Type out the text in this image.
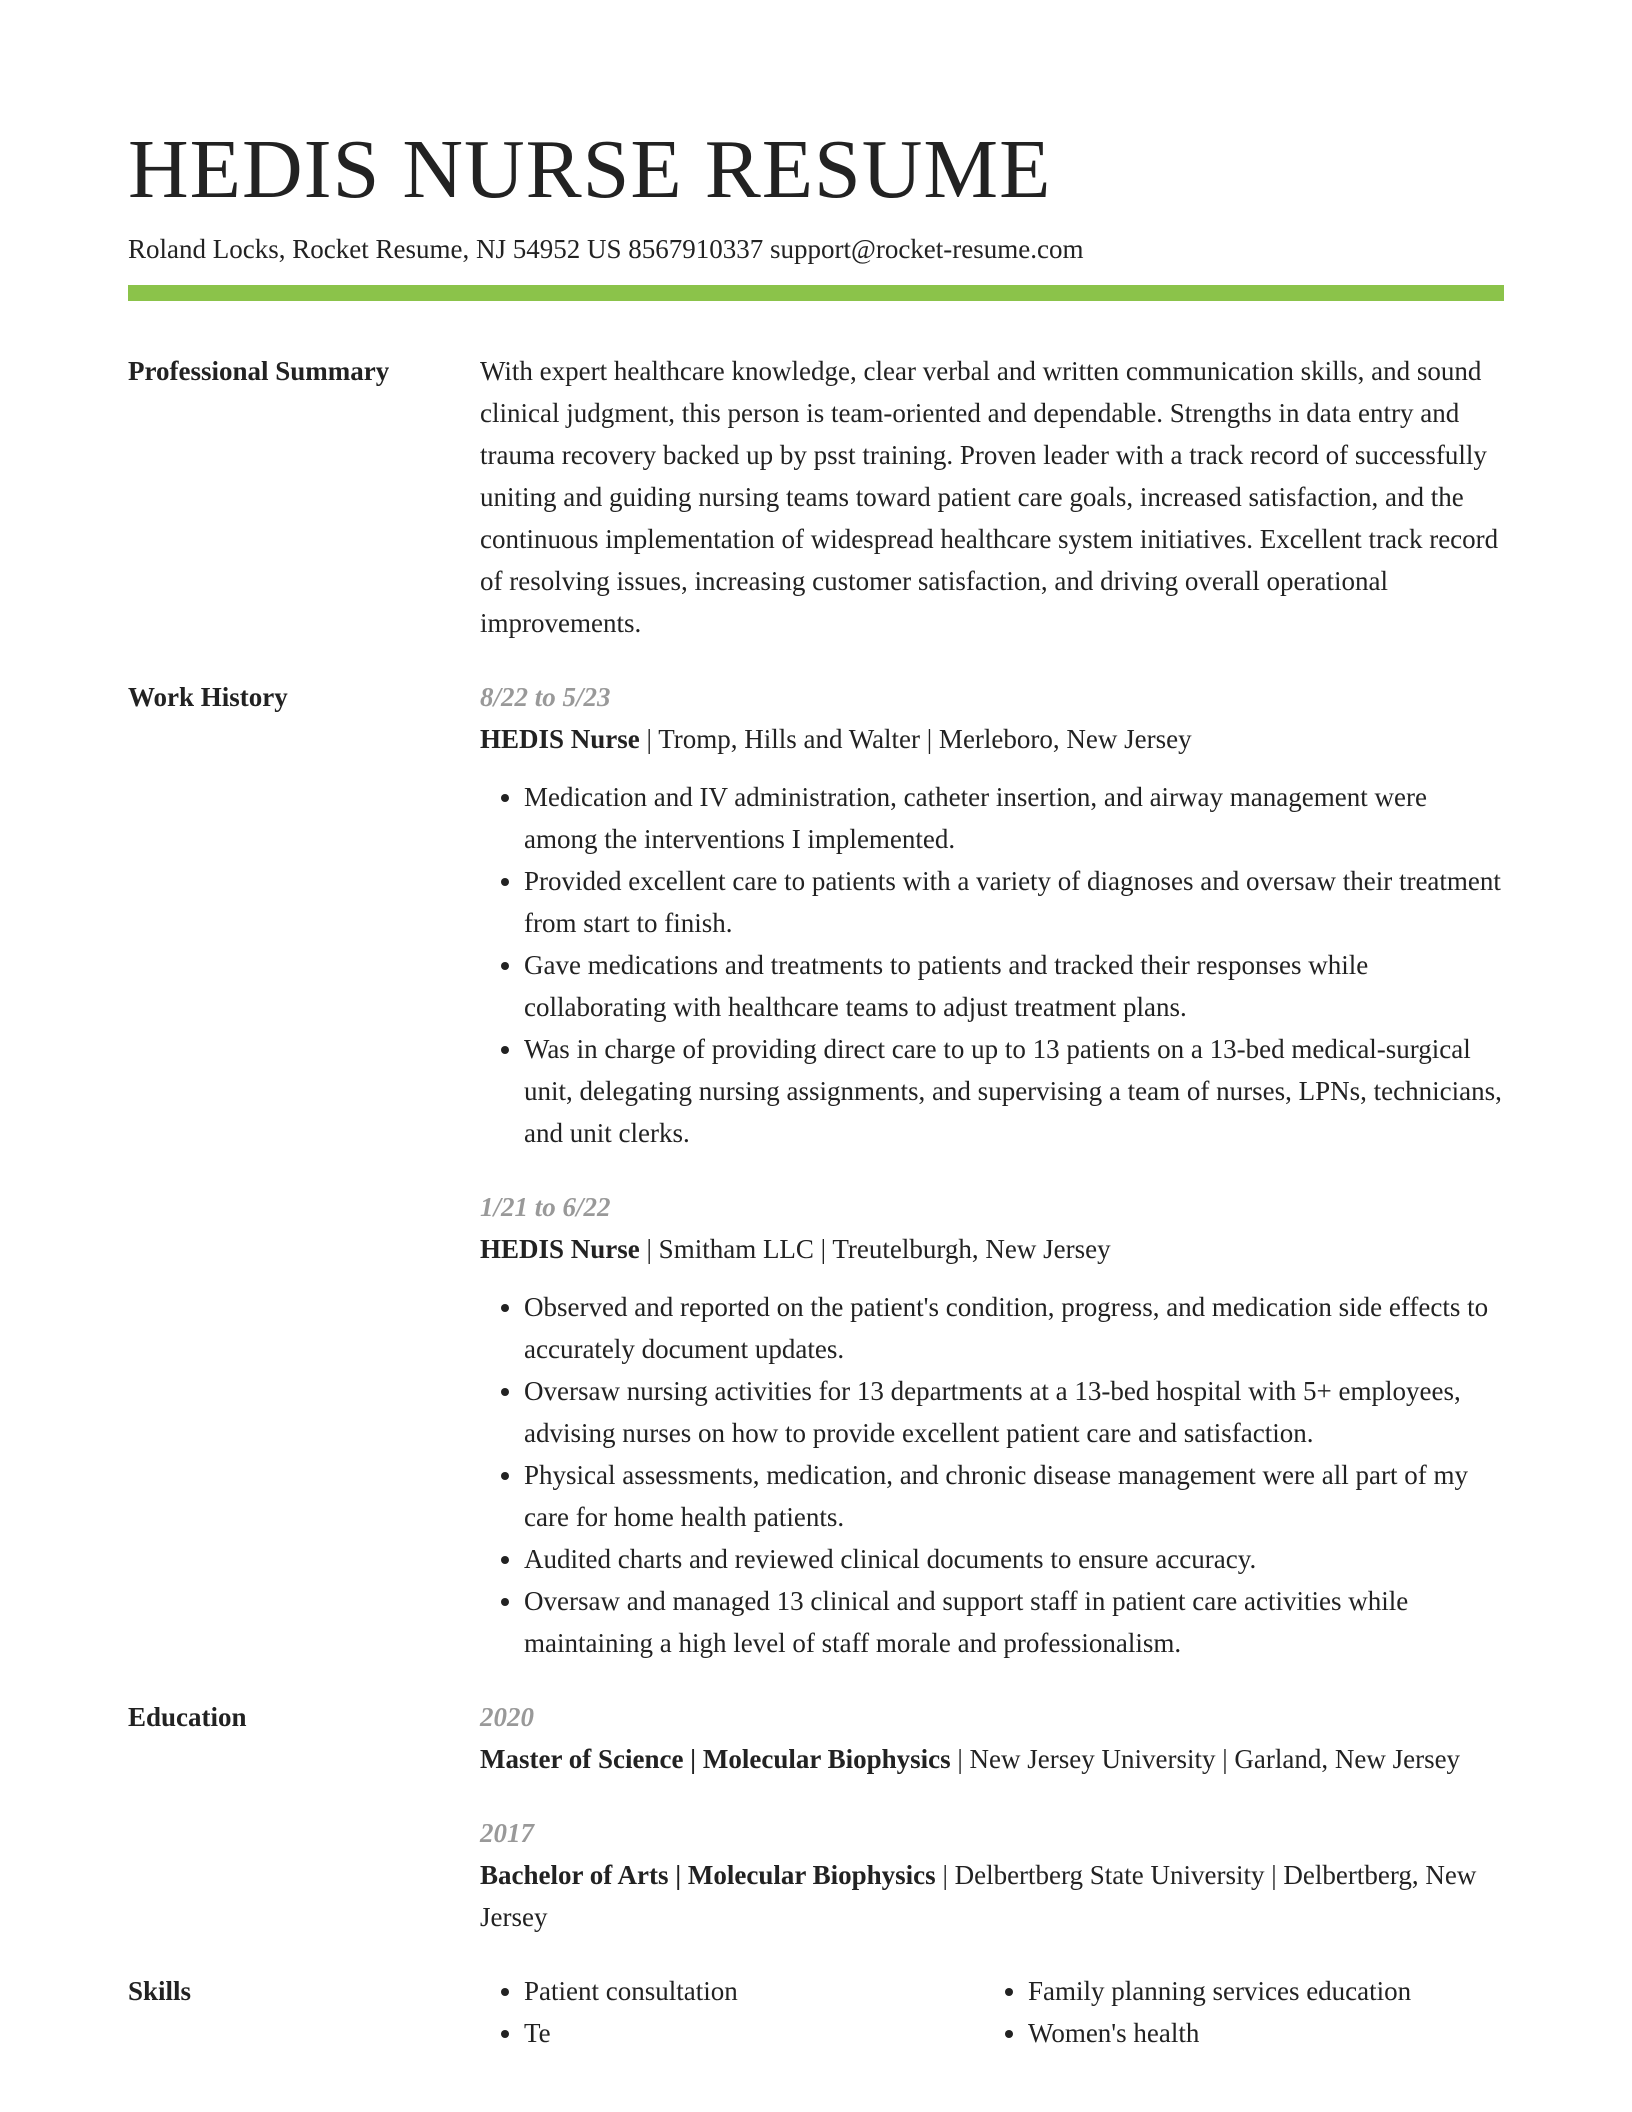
HEDIS NURSE RESUME
Roland Locks, Rocket Resume, NJ 54952 US 8567910337 support@rocket-resume.com
Professional Summary	With expert healthcare knowledge, clear verbal and written communication skills, and sound clinical judgment, this person is team-oriented and dependable. Strengths in data entry and trauma recovery backed up by psst training. Proven leader with a track record of successfully uniting and guiding nursing teams toward patient care goals, increased satisfaction, and the continuous implementation of widespread healthcare system initiatives. Excellent track record of resolving issues, increasing customer satisfaction, and driving overall operational improvements.

Work History	8/22 to 5/23

HEDIS Nurse | Tromp, Hills and Walter | Merleboro, New Jersey

• Medication and IV administration, catheter insertion, and airway management were among the interventions I implemented.
• Provided excellent care to patients with a variety of diagnoses and oversaw their treatment from start to finish.
• Gave medications and treatments to patients and tracked their responses while collaborating with healthcare teams to adjust treatment plans.
• Was in charge of providing direct care to up to 13 patients on a 13-bed medical-surgical unit, delegating nursing assignments, and supervising a team of nurses, LPNs, technicians, and unit clerks.
1/21 to 6/22

HEDIS Nurse | Smitham LLC | Treutelburgh, New Jersey

• Observed and reported on the patient's condition, progress, and medication side effects to accurately document updates.
• Oversaw nursing activities for 13 departments at a 13-bed hospital with 5+ employees, advising nurses on how to provide excellent patient care and satisfaction.
• Physical assessments, medication, and chronic disease management were all part of my care for home health patients.
• Audited charts and reviewed clinical documents to ensure accuracy.
• Oversaw and managed 13 clinical and support staff in patient care activities while maintaining a high level of staff morale and professionalism.
Education	2020

Master of Science | Molecular Biophysics | New Jersey University | Garland, New Jersey

2017

Bachelor of Arts | Molecular Biophysics | Delbertberg State University | Delbertberg, New Jersey

Skills
•	Patient consultation
• Te
• Family planning services education
• Women's health
